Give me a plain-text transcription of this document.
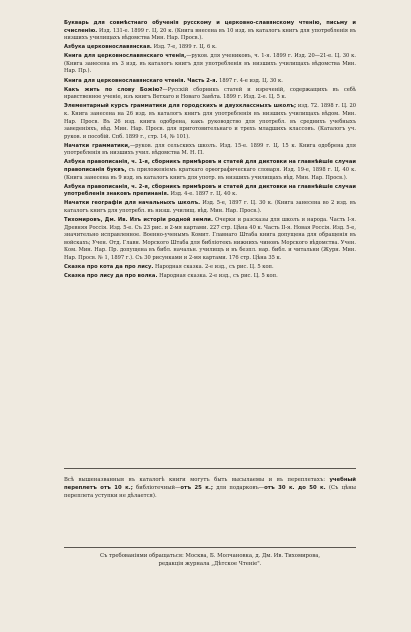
Букварь для совмѣстнаго обученія русскому и церковно-славянскому чтенію, письму и счисленію. Изд. 131-е. 1899 г. Ц. 20 к. (Книга внесена въ 10 изд. въ каталогъ книгъ для употребленія въ низшихъ училищахъ вѣдомства Мин. Нар. Просв.).

Азбука церковнославянская. Изд. 7-е, 1899 г. Ц. 6 к.

Книга для церковнославянскаго чтенія,—руков. для учениковъ, ч. 1-я. 1899 г. Изд. 20—21-е. Ц. 30 к. (Книга занесена въ 3 изд. въ каталогъ книгъ для употребленія въ низшихъ училищахъ вѣдомства Мин. Нар. Пр.).

Книга для церковнославянскаго чтенія. Часть 2-я. 1897 г. 4-е изд. Ц. 30 к.

Какъ жить по слову Божію?—Русскій сборникъ статей и изреченій, содержащихъ въ себѣ нравственное ученіе, изъ книгъ Ветхаго и Новаго Завѣта. 1899 г. Изд. 2-е. Ц. 5 к.

Элементарный курсъ грамматики для городскихъ и двухклассныхъ школъ; изд. 72. 1898 г. Ц. 20 к. Книга занесена на 26 изд. въ каталогъ книгъ для употребленія въ низшихъ училищахъ вѣдом. Мин. Нар. Просв. Въ 26 изд. книга одобрена, какъ руководство для употребл. въ среднихъ учебныхъ заведеніяхъ, вѣд. Мин. Нар. Просв. для приготовительнаго и трехъ младшихъ классовъ. (Каталогъ уч. руков. и пособій. Спб. 1899 г., стр. 14, № 101).

Начатки грамматики,—руков. для сельскихъ школъ. Изд. 15-е. 1899 г. Ц. 15 к. Книга одобрена для употребленія въ низшихъ учил. вѣдомства М. Н. П.

Азбука правописанія, ч. 1-я, сборникъ примѣровъ и статей для диктовки на главнѣйшіе случаи правописанія буквъ, съ приложеніемъ краткаго орѳографическаго словаря. Изд. 19-е, 1898 г. Ц. 40 к. (Книга занесена въ 9 изд. въ каталогъ книгъ для употр. въ низшихъ училищахъ вѣд. Мин. Нар. Просв.).

Азбука правописанія, ч. 2-я, сборникъ примѣровъ и статей для диктовки на главнѣйшіе случаи употребленія знаковъ препинанія. Изд. 4-е. 1897 г. Ц. 40 к.

Начатки географіи для начальныхъ школъ. Изд. 5-е, 1897 г. Ц. 30 к. (Книга занесена во 2 изд. въ каталогъ книгъ для употребл. въ низш. училищ. вѣд. Мин. Нар. Просв.).

Тихомировъ, Дм. Ив. Изъ исторіи родной земли. Очерки и разсказы для школъ и народа. Часть I-я. Древняя Россія. Изд. 5-е. Съ 23 рис. и 2-мя картами. 227 стр. Цѣна 40 к. Часть II-я. Новая Россія. Изд. 5-е, значительно исправленное. Военно-ученымъ Комит. Главнаго Штаба книга допущена для обращенія въ войскахъ; Учен. Отд. Главн. Морского Штаба для библіотекъ нижнихъ чиновъ Морского вѣдомства. Учен. Ком. Мин. Нар. Пр. допущена въ библ. начальн. училищъ и въ безпл. нар. библ. и читальни (Журн. Мин. Нар. Просв. № 1, 1897 г.). Съ 30 рисунками и 2-мя картами. 176 стр. Цѣна 35 к.

Сказка про кота да про лису. Народная сказка. 2-е изд., съ рис. Ц. 5 коп.

Сказка про лису да про волка. Народная сказка. 2-е изд., съ рис. Ц. 5 коп.

Всѣ вышеназванныя въ каталогѣ книги могутъ быть высылаемы и въ переплетахъ: учебный переплетъ отъ 10 к.; библіотечный—отъ 25 к.; для подарковъ—отъ 30 к. до 50 к. (Съ цѣны переплета уступки не дѣлается).
Съ требованіями обращаться: Москва, Б. Молчановка, д. Дм. Ив. Тихомирова,
редакція журнала „Дѣтское Чтеніе".
